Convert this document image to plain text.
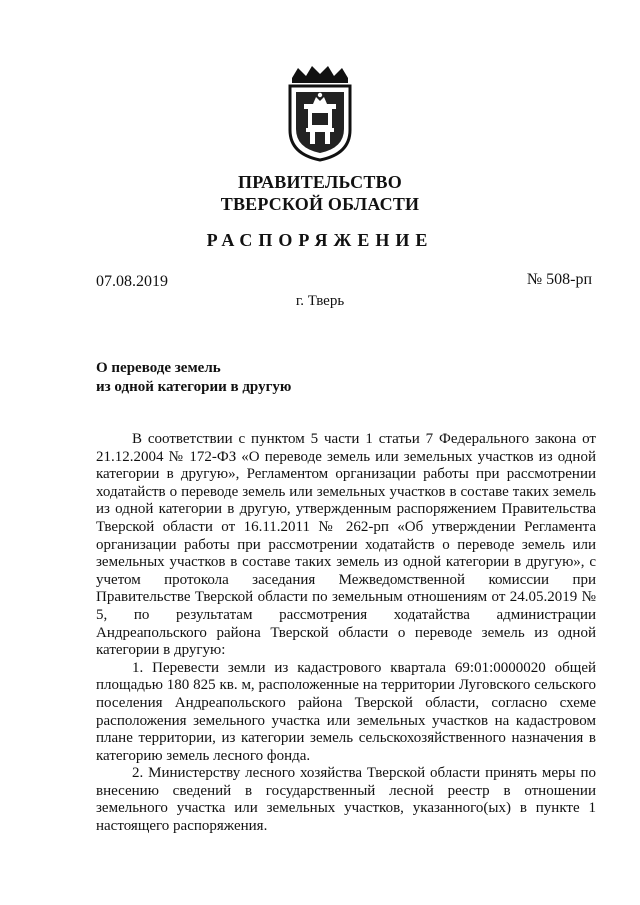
ПРАВИТЕЛЬСТВО
ТВЕРСКОЙ ОБЛАСТИ
РАСПОРЯЖЕНИЕ
07.08.2019	№ 508-рп
г. Тверь
О переводе земель
из одной категории в другую

В соответствии с пунктом 5 части 1 статьи 7 Федерального закона от 21.12.2004 № 172-ФЗ «О переводе земель или земельных участков из одной категории в другую», Регламентом организации работы при рассмотрении ходатайств о переводе земель или земельных участков в составе таких земель из одной категории в другую, утвержденным распоряжением Правительства Тверской области от 16.11.2011 № 262-рп «Об утверждении Регламента организации работы при рассмотрении ходатайств о переводе земель или земельных участков в составе таких земель из одной категории в другую», с учетом протокола заседания Межведомственной комиссии при Правительстве Тверской области по земельным отношениям от 24.05.2019 № 5, по результатам рассмотрения ходатайства администрации Андреапольского района Тверской области о переводе земель из одной категории в другую:

1. Перевести земли из кадастрового квартала 69:01:0000020 общей площадью 180 825 кв. м, расположенные на территории Луговского сельского поселения Андреапольского района Тверской области, согласно схеме расположения земельного участка или земельных участков на кадастровом плане территории, из категории земель сельскохозяйственного назначения в категорию земель лесного фонда.

2. Министерству лесного хозяйства Тверской области принять меры по внесению сведений в государственный лесной реестр в отношении земельного участка или земельных участков, указанного(ых) в пункте 1 настоящего распоряжения.
